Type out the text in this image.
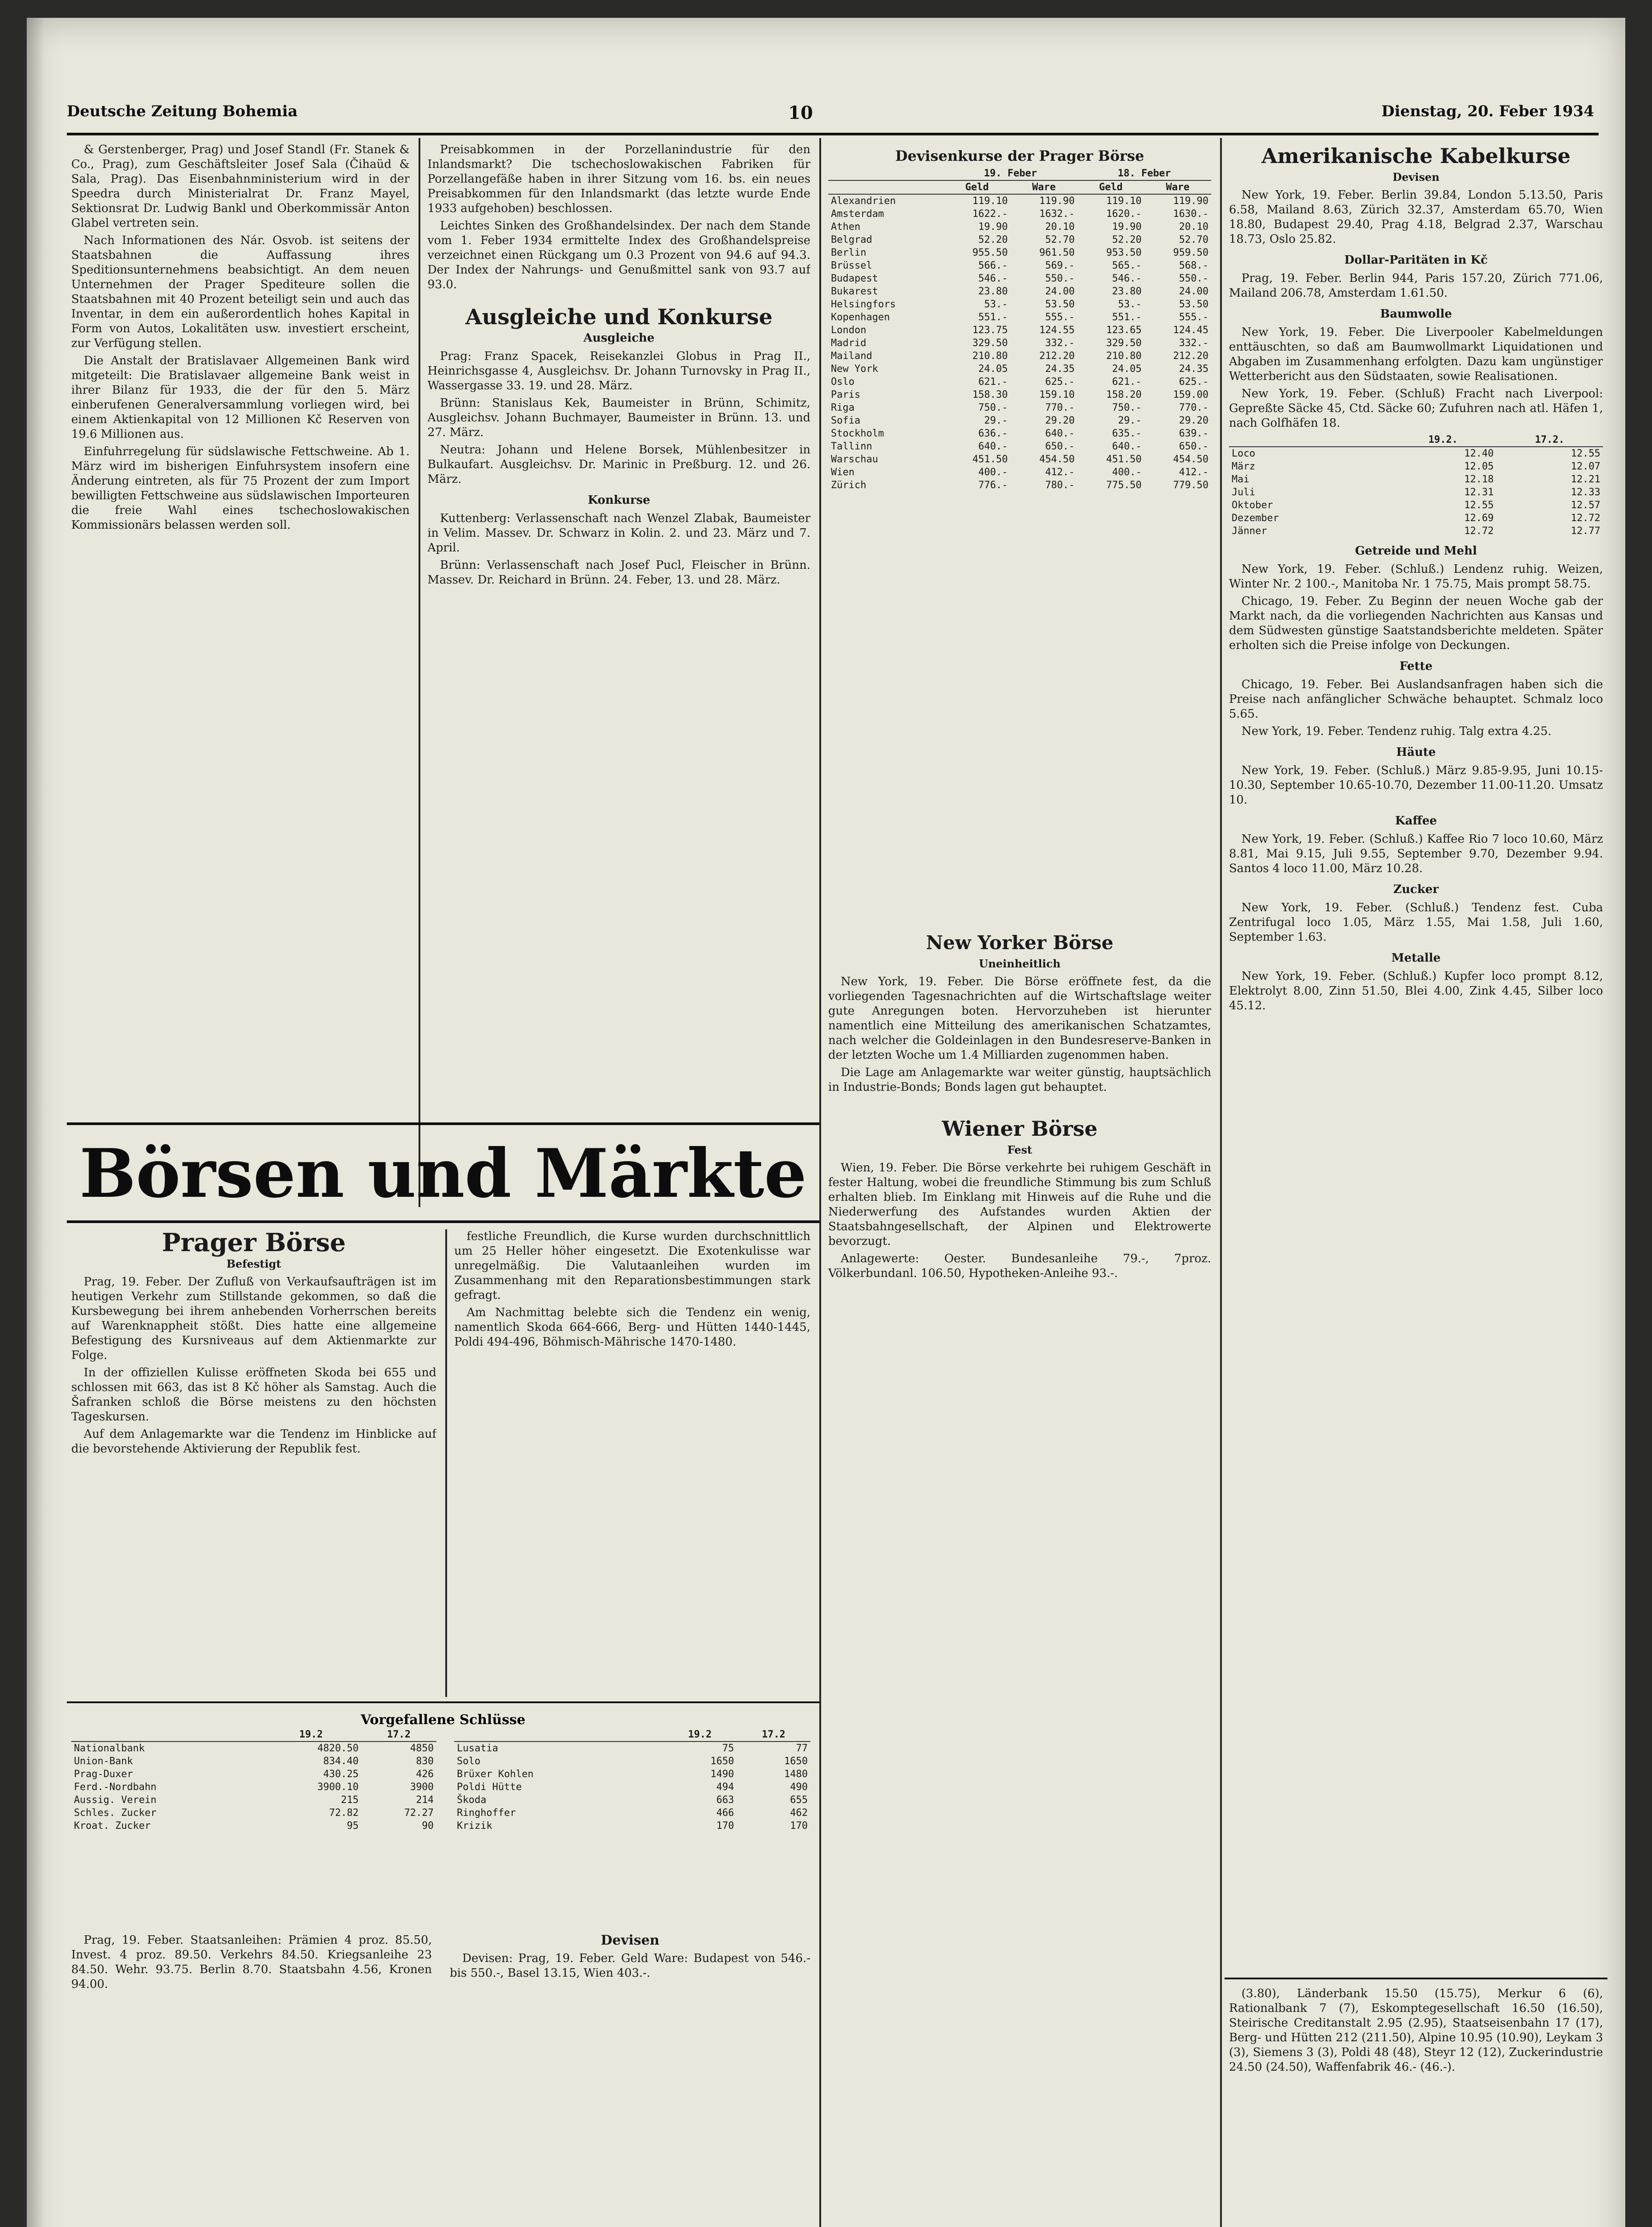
Deutsche Zeitung Bohemia	10	Dienstag, 20. Feber 1934

& Gerstenberger, Prag) und Josef Standl (Fr. Stanek & Co., Prag), zum Geschäftsleiter Josef Sala (Čihaüd & Sala, Prag). Das Eisenbahnministerium wird in der Speedra durch Ministerialrat Dr. Franz Mayel, Sektionsrat Dr. Ludwig Bankl und Oberkommissär Anton Glabel vertreten sein.

Nach Informationen des Nár. Osvob. ist seitens der Staatsbahnen die Auffassung ihres Speditionsunternehmens beabsichtigt. An dem neuen Unternehmen der Prager Spediteure sollen die Staatsbahnen mit 40 Prozent beteiligt sein und auch das Inventar, in dem ein außerordentlich hohes Kapital in Form von Autos, Lokalitäten usw. investiert erscheint, zur Verfügung stellen.

Die Anstalt der Bratislavaer Allgemeinen Bank wird mitgeteilt: Die Bratislavaer allgemeine Bank weist in ihrer Bilanz für 1933, die der für den 5. März einberufenen Generalversammlung vorliegen wird, bei einem Aktienkapital von 12 Millionen Kč Reserven von 19.6 Millionen aus.

Einfuhrregelung für südslawische Fettschweine. Ab 1. März wird im bisherigen Einfuhrsystem insofern eine Änderung eintreten, als für 75 Prozent der zum Import bewilligten Fettschweine aus südslawischen Importeuren die freie Wahl eines tschechoslowakischen Kommissionärs belassen werden soll.

Preisabkommen in der Porzellanindustrie für den Inlandsmarkt? Die tschechoslowakischen Fabriken für Porzellangefäße haben in ihrer Sitzung vom 16. bs. ein neues Preisabkommen für den Inlandsmarkt (das letzte wurde Ende 1933 aufgehoben) beschlossen.

Leichtes Sinken des Großhandelsindex. Der nach dem Stande vom 1. Feber 1934 ermittelte Index des Großhandelspreise verzeichnet einen Rückgang um 0.3 Prozent von 94.6 auf 94.3. Der Index der Nahrungs- und Genußmittel sank von 93.7 auf 93.0.

Ausgleiche und Konkurse
Ausgleiche

Prag: Franz Spacek, Reisekanzlei Globus in Prag II., Heinrichsgasse 4, Ausgleichsv. Dr. Johann Turnovsky in Prag II., Wassergasse 33. 19. und 28. März.

Brünn: Stanislaus Kek, Baumeister in Brünn, Schimitz, Ausgleichsv. Johann Buchmayer, Baumeister in Brünn. 13. und 27. März.

Neutra: Johann und Helene Borsek, Mühlenbesitzer in Bulkaufart. Ausgleichsv. Dr. Marinic in Preßburg. 12. und 26. März.

Konkurse

Kuttenberg: Verlassenschaft nach Wenzel Zlabak, Baumeister in Velim. Massev. Dr. Schwarz in Kolin. 2. und 23. März und 7. April.

Brünn: Verlassenschaft nach Josef Pucl, Fleischer in Brünn. Massev. Dr. Reichard in Brünn. 24. Feber, 13. und 28. März.

Börsen und Märkte
Prager Börse
Befestigt

Prag, 19. Feber. Der Zufluß von Verkaufsaufträgen ist im heutigen Verkehr zum Stillstande gekommen, so daß die Kursbewegung bei ihrem anhebenden Vorherrschen bereits auf Warenknappheit stößt. Dies hatte eine allgemeine Befestigung des Kursniveaus auf dem Aktienmarkte zur Folge.

In der offiziellen Kulisse eröffneten Skoda bei 655 und schlossen mit 663, das ist 8 Kč höher als Samstag. Auch die Šafranken schloß die Börse meistens zu den höchsten Tageskursen.

Auf dem Anlagemarkte war die Tendenz im Hinblicke auf die bevorstehende Aktivierung der Republik fest.

festliche Freundlich, die Kurse wurden durchschnittlich um 25 Heller höher eingesetzt. Die Exotenkulisse war unregelmäßig. Die Valutaanleihen wurden im Zusammenhang mit den Reparationsbestimmungen stark gefragt.

Am Nachmittag belebte sich die Tendenz ein wenig, namentlich Skoda 664-666, Berg- und Hütten 1440-1445, Poldi 494-496, Böhmisch-Mährische 1470-1480.

Vorgefallene Schlüsse
	19.2	17.2
Nationalbank	4820.50	4850
Union-Bank	834.40	830
Prag-Duxer	430.25	426
Ferd.-Nordbahn	3900.10	3900
Aussig. Verein	215	214
Schles. Zucker	72.82	72.27
Kroat. Zucker	95	90
	19.2	17.2
Lusatia	75	77
Solo	1650	1650
Brüxer Kohlen	1490	1480
Poldi Hütte	494	490
Škoda	663	655
Ringhoffer	466	462
Krizik	170	170

Prag, 19. Feber. Staatsanleihen: Prämien 4 proz. 85.50, Invest. 4 proz. 89.50. Verkehrs 84.50. Kriegsanleihe 23 84.50. Wehr. 93.75. Berlin 8.70. Staatsbahn 4.56, Kronen 94.00.

Devisen

Devisen: Prag, 19. Feber. Geld Ware: Budapest von 546.- bis 550.-, Basel 13.15, Wien 403.-.

Devisenkurse der Prager Börse
	19. Feber		18. Feber	
	Geld	Ware	Geld	Ware
Alexandrien	119.10	119.90	119.10	119.90
Amsterdam	1622.-	1632.-	1620.-	1630.-
Athen	19.90	20.10	19.90	20.10
Belgrad	52.20	52.70	52.20	52.70
Berlin	955.50	961.50	953.50	959.50
Brüssel	566.-	569.-	565.-	568.-
Budapest	546.-	550.-	546.-	550.-
Bukarest	23.80	24.00	23.80	24.00
Helsingfors	53.-	53.50	53.-	53.50
Kopenhagen	551.-	555.-	551.-	555.-
London	123.75	124.55	123.65	124.45
Madrid	329.50	332.-	329.50	332.-
Mailand	210.80	212.20	210.80	212.20
New York	24.05	24.35	24.05	24.35
Oslo	621.-	625.-	621.-	625.-
Paris	158.30	159.10	158.20	159.00
Riga	750.-	770.-	750.-	770.-
Sofia	29.-	29.20	29.-	29.20
Stockholm	636.-	640.-	635.-	639.-
Tallinn	640.-	650.-	640.-	650.-
Warschau	451.50	454.50	451.50	454.50
Wien	400.-	412.-	400.-	412.-
Zürich	776.-	780.-	775.50	779.50
New Yorker Börse
Uneinheitlich

New York, 19. Feber. Die Börse eröffnete fest, da die vorliegenden Tagesnachrichten auf die Wirtschaftslage weiter gute Anregungen boten. Hervorzuheben ist hierunter namentlich eine Mitteilung des amerikanischen Schatzamtes, nach welcher die Goldeinlagen in den Bundesreserve-Banken in der letzten Woche um 1.4 Milliarden zugenommen haben.

Die Lage am Anlagemarkte war weiter günstig, hauptsächlich in Industrie-Bonds; Bonds lagen gut behauptet.

Wiener Börse
Fest

Wien, 19. Feber. Die Börse verkehrte bei ruhigem Geschäft in fester Haltung, wobei die freundliche Stimmung bis zum Schluß erhalten blieb. Im Einklang mit Hinweis auf die Ruhe und die Niederwerfung des Aufstandes wurden Aktien der Staatsbahngesellschaft, der Alpinen und Elektrowerte bevorzugt.

Anlagewerte: Oester. Bundesanleihe 79.-, 7proz. Völkerbundanl. 106.50, Hypotheken-Anleihe 93.-.

Amerikanische Kabelkurse
Devisen

New York, 19. Feber. Berlin 39.84, London 5.13.50, Paris 6.58, Mailand 8.63, Zürich 32.37, Amsterdam 65.70, Wien 18.80, Budapest 29.40, Prag 4.18, Belgrad 2.37, Warschau 18.73, Oslo 25.82.

Dollar-Paritäten in Kč

Prag, 19. Feber. Berlin 944, Paris 157.20, Zürich 771.06, Mailand 206.78, Amsterdam 1.61.50.

Baumwolle

New York, 19. Feber. Die Liverpooler Kabelmeldungen enttäuschten, so daß am Baumwollmarkt Liquidationen und Abgaben im Zusammenhang erfolgten. Dazu kam ungünstiger Wetterbericht aus den Südstaaten, sowie Realisationen.

New York, 19. Feber. (Schluß) Fracht nach Liverpool: Gepreßte Säcke 45, Ctd. Säcke 60; Zufuhren nach atl. Häfen 1, nach Golfhäfen 18.

	19.2.	17.2.
Loco	12.40	12.55
März	12.05	12.07
Mai	12.18	12.21
Juli	12.31	12.33
Oktober	12.55	12.57
Dezember	12.69	12.72
Jänner	12.72	12.77
Getreide und Mehl

New York, 19. Feber. (Schluß.) Lendenz ruhig. Weizen, Winter Nr. 2 100.-, Manitoba Nr. 1 75.75, Mais prompt 58.75.

Chicago, 19. Feber. Zu Beginn der neuen Woche gab der Markt nach, da die vorliegenden Nachrichten aus Kansas und dem Südwesten günstige Saatstandsberichte meldeten. Später erholten sich die Preise infolge von Deckungen.

Fette

Chicago, 19. Feber. Bei Auslandsanfragen haben sich die Preise nach anfänglicher Schwäche behauptet. Schmalz loco 5.65.

New York, 19. Feber. Tendenz ruhig. Talg extra 4.25.

Häute

New York, 19. Feber. (Schluß.) März 9.85-9.95, Juni 10.15-10.30, September 10.65-10.70, Dezember 11.00-11.20. Umsatz 10.

Kaffee

New York, 19. Feber. (Schluß.) Kaffee Rio 7 loco 10.60, März 8.81, Mai 9.15, Juli 9.55, September 9.70, Dezember 9.94. Santos 4 loco 11.00, März 10.28.

Zucker

New York, 19. Feber. (Schluß.) Tendenz fest. Cuba Zentrifugal loco 1.05, März 1.55, Mai 1.58, Juli 1.60, September 1.63.

Metalle

New York, 19. Feber. (Schluß.) Kupfer loco prompt 8.12, Elektrolyt 8.00, Zinn 51.50, Blei 4.00, Zink 4.45, Silber loco 45.12.

(3.80), Länderbank 15.50 (15.75), Merkur 6 (6), Rationalbank 7 (7), Eskomptegesellschaft 16.50 (16.50), Steirische Creditanstalt 2.95 (2.95), Staatseisenbahn 17 (17), Berg- und Hütten 212 (211.50), Alpine 10.95 (10.90), Leykam 3 (3), Siemens 3 (3), Poldi 48 (48), Steyr 12 (12), Zuckerindustrie 24.50 (24.50), Waffenfabrik 46.- (46.-).
